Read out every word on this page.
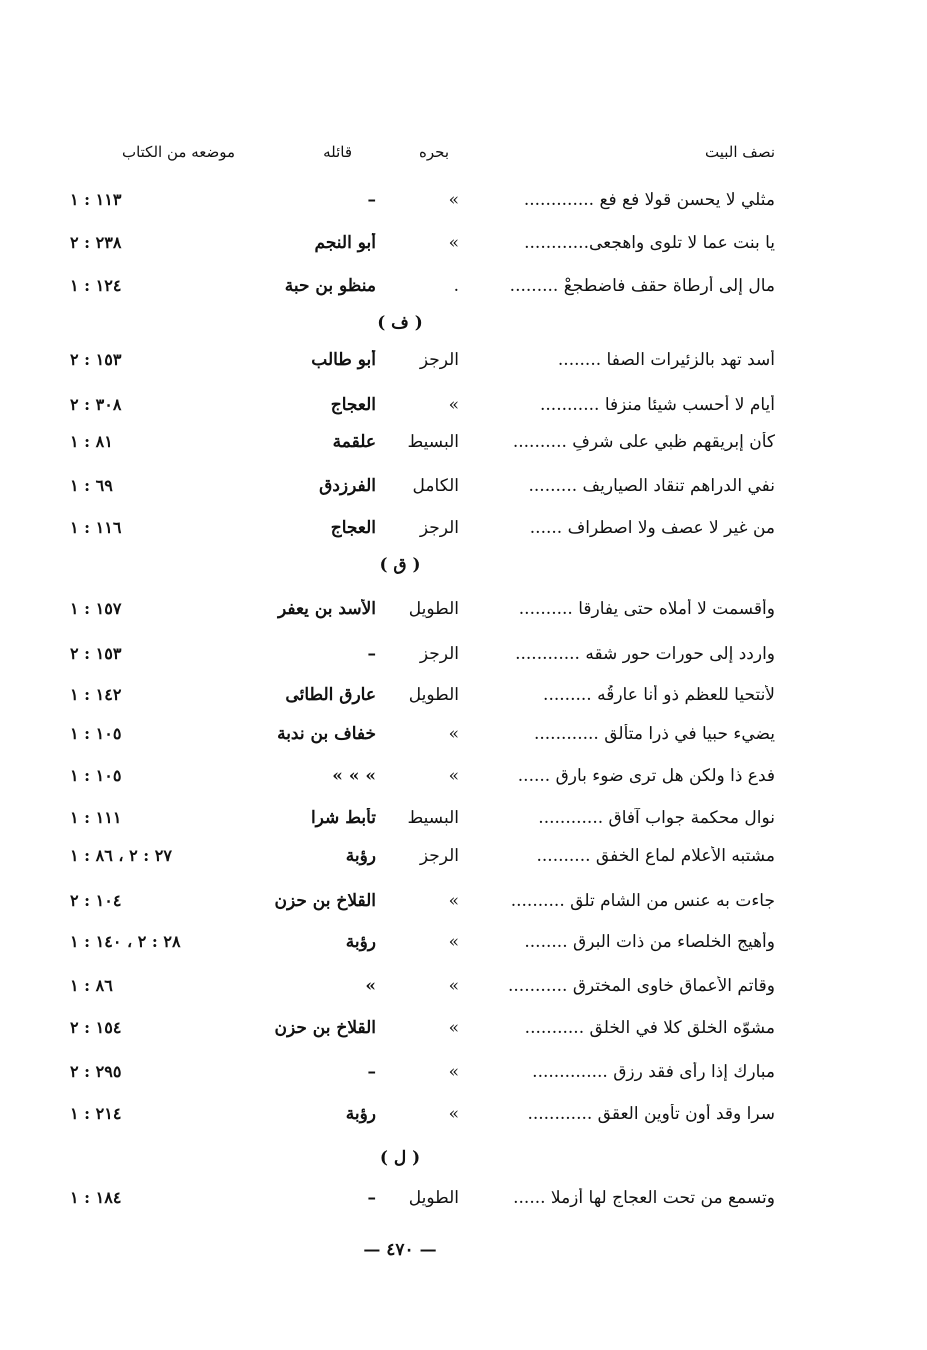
نصف البيت
بحره
قائله
موضعه من الكتاب
مثلي لا يحسن قولا فع فع .............
»
–
١١٣ : ١
يا بنت عما لا تلوى واهجعى............
»
أبو النجم
٢٣٨ : ٢
مال إلى أرطاة حقف فاضطجعْ .........
.
منظو بن حبة
١٢٤ : ١
( ف )
أسد تهد بالزئيرات الصفا ........
الرجز
أبو طالب
١٥٣ : ٢
أيام لا أحسب شيئا منزفا ...........
»
العجاج
٣٠٨ : ٢
كأن إبريقهم ظبي على شرفِ ..........
البسيط
علقمة
٨١ : ١
نفي الدراهم تنقاد الصياريف .........
الكامل
الفرزدق
٦٩ : ١
من غير لا عصف ولا اصطراف ......
الرجز
العجاج
١١٦ : ١
( ق )
وأقسمت لا أملاه حتى يفارقا ..........
الطويل
الأسد بن يعفر
١٥٧ : ١
واردد إلى حورات حور شقه ............
الرجز
–
١٥٣ : ٢
لأنتحيا للعظم ذو أنا عارقُه .........
الطويل
عارق الطائى
١٤٢ : ١
يضيء حبيا في ذرا متألقِ ............
»
خفاف بن ندبة
١٠٥ : ١
فدع ذا ولكن هل ترى ضوء بارق ......
»
» » »
١٠٥ : ١
نوال محكمة جواب آفاق ............
البسيط
تأبط شرا
١١١ : ١
مشتبه الأعلام لماع الخفق ..........
الرجز
رؤبة
٢٧ : ٢ ، ٨٦ : ١
جاءت به عنس من الشام تلق ..........
»
القلاخ بن حزن
١٠٤ : ٢
وأهيج الخلصاء من ذات البرق ........
»
رؤبة
٢٨ : ٢ ، ١٤٠ : ١
وقاتم الأعماق خاوى المخترق ...........
»
»
٨٦ : ١
مشوّه الخلق كلا في الخلق ...........
»
القلاخ بن حزن
١٥٤ : ٢
مبارك إذا رأى فقد رزق ..............
»
–
٢٩٥ : ٢
سرا وقد أون تأوين العقق ............
»
رؤبة
٢١٤ : ١
( ل )
وتسمع من تحت العجاج لها أزملا ......
الطويل
–
١٨٤ : ١
— ٤٧٠ —
